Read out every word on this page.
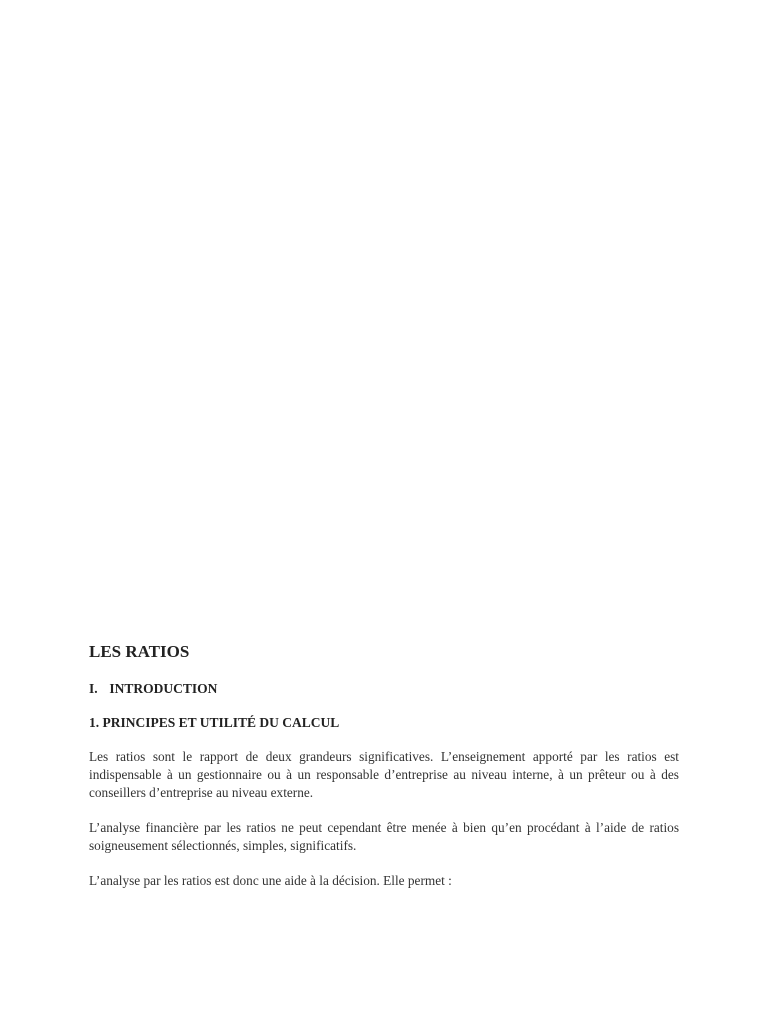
LES RATIOS
I. INTRODUCTION
1. PRINCIPES ET UTILITÉ DU CALCUL

Les ratios sont le rapport de deux grandeurs significatives. L’enseignement apporté par les ratios est indispensable à un gestionnaire ou à un responsable d’entreprise au niveau interne, à un prêteur ou à des conseillers d’entreprise au niveau externe.

L’analyse financière par les ratios ne peut cependant être menée à bien qu’en procédant à l’aide de ratios soigneusement sélectionnés, simples, significatifs.

L’analyse par les ratios est donc une aide à la décision. Elle permet :
